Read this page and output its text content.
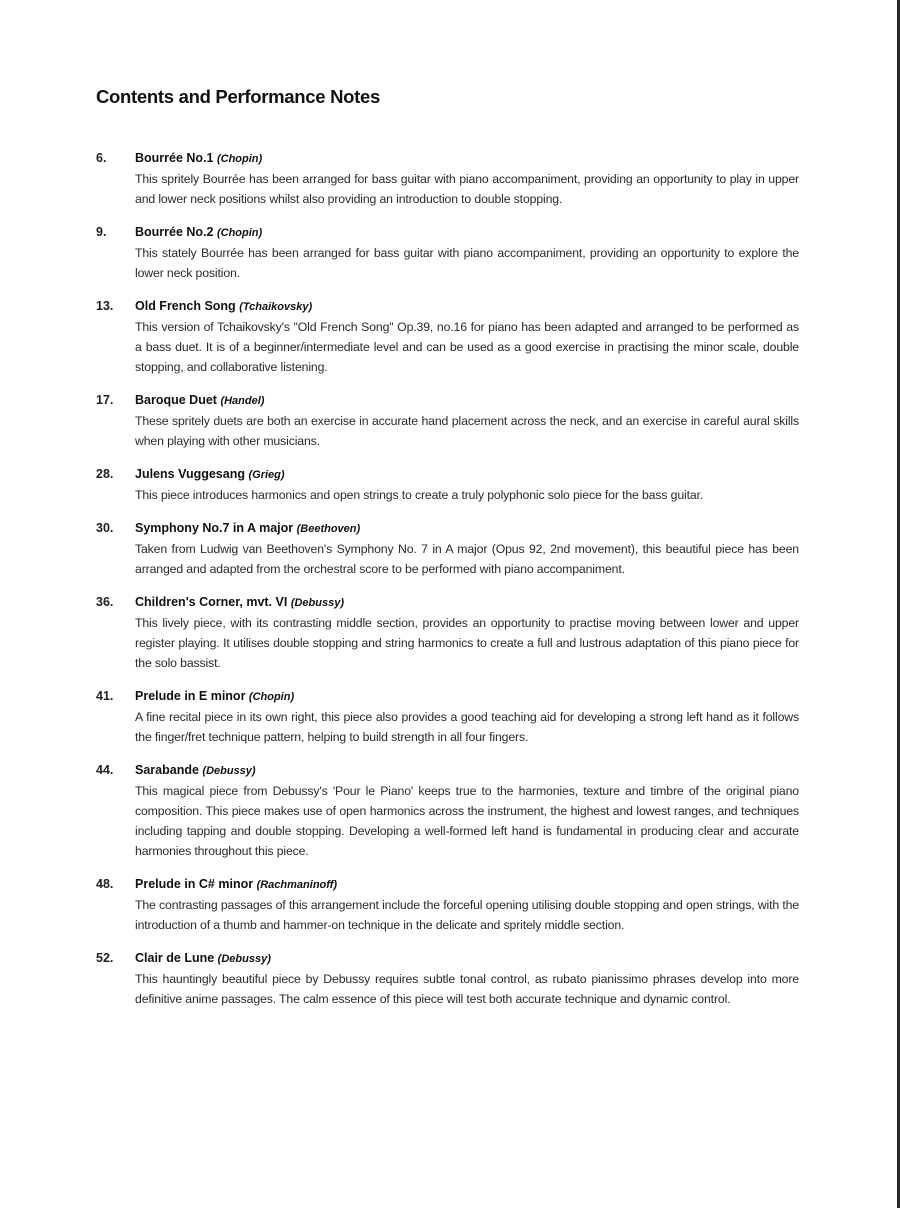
Contents and Performance Notes
6.	Bourrée No.1 (Chopin)

This spritely Bourrée has been arranged for bass guitar with piano accompaniment, providing an opportunity to play in upper and lower neck positions whilst also providing an introduction to double stopping.

9.	Bourrée No.2 (Chopin)

This stately Bourrée has been arranged for bass guitar with piano accompaniment, providing an opportunity to explore the lower neck position.

13.	Old French Song (Tchaikovsky)

This version of Tchaikovsky's "Old French Song" Op.39, no.16 for piano has been adapted and arranged to be performed as a bass duet. It is of a beginner/intermediate level and can be used as a good exercise in practising the minor scale, double stopping, and collaborative listening.

17.	Baroque Duet (Handel)

These spritely duets are both an exercise in accurate hand placement across the neck, and an exercise in careful aural skills when playing with other musicians.

28.	Julens Vuggesang (Grieg)

This piece introduces harmonics and open strings to create a truly polyphonic solo piece for the bass guitar.

30.	Symphony No.7 in A major (Beethoven)

Taken from Ludwig van Beethoven's Symphony No. 7 in A major (Opus 92, 2nd movement), this beautiful piece has been arranged and adapted from the orchestral score to be performed with piano accompaniment.

36.	Children's Corner, mvt. VI (Debussy)

This lively piece, with its contrasting middle section, provides an opportunity to practise moving between lower and upper register playing. It utilises double stopping and string harmonics to create a full and lustrous adaptation of this piano piece for the solo bassist.

41.	Prelude in E minor (Chopin)

A fine recital piece in its own right, this piece also provides a good teaching aid for developing a strong left hand as it follows the finger/fret technique pattern, helping to build strength in all four fingers.

44.	Sarabande (Debussy)

This magical piece from Debussy's 'Pour le Piano' keeps true to the harmonies, texture and timbre of the original piano composition. This piece makes use of open harmonics across the instrument, the highest and lowest ranges, and techniques including tapping and double stopping. Developing a well-formed left hand is fundamental in producing clear and accurate harmonies throughout this piece.

48.	Prelude in C# minor (Rachmaninoff)

The contrasting passages of this arrangement include the forceful opening utilising double stopping and open strings, with the introduction of a thumb and hammer-on technique in the delicate and spritely middle section.

52.	Clair de Lune (Debussy)

This hauntingly beautiful piece by Debussy requires subtle tonal control, as rubato pianissimo phrases develop into more definitive anime passages. The calm essence of this piece will test both accurate technique and dynamic control.
